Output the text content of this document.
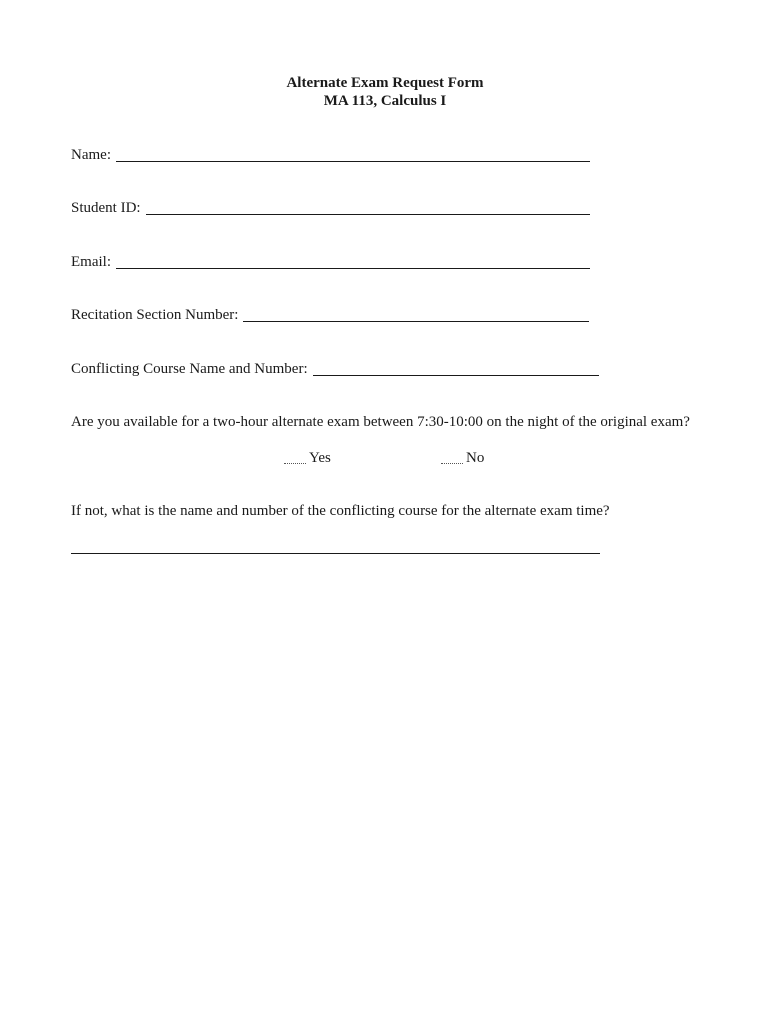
Alternate Exam Request Form
MA 113, Calculus I
Name:
Student ID:
Email:
Recitation Section Number:
Conflicting Course Name and Number:
Are you available for a two-hour alternate exam between 7:30-10:00 on the night of the original exam?
Yes	No
If not, what is the name and number of the conflicting course for the alternate exam time?
